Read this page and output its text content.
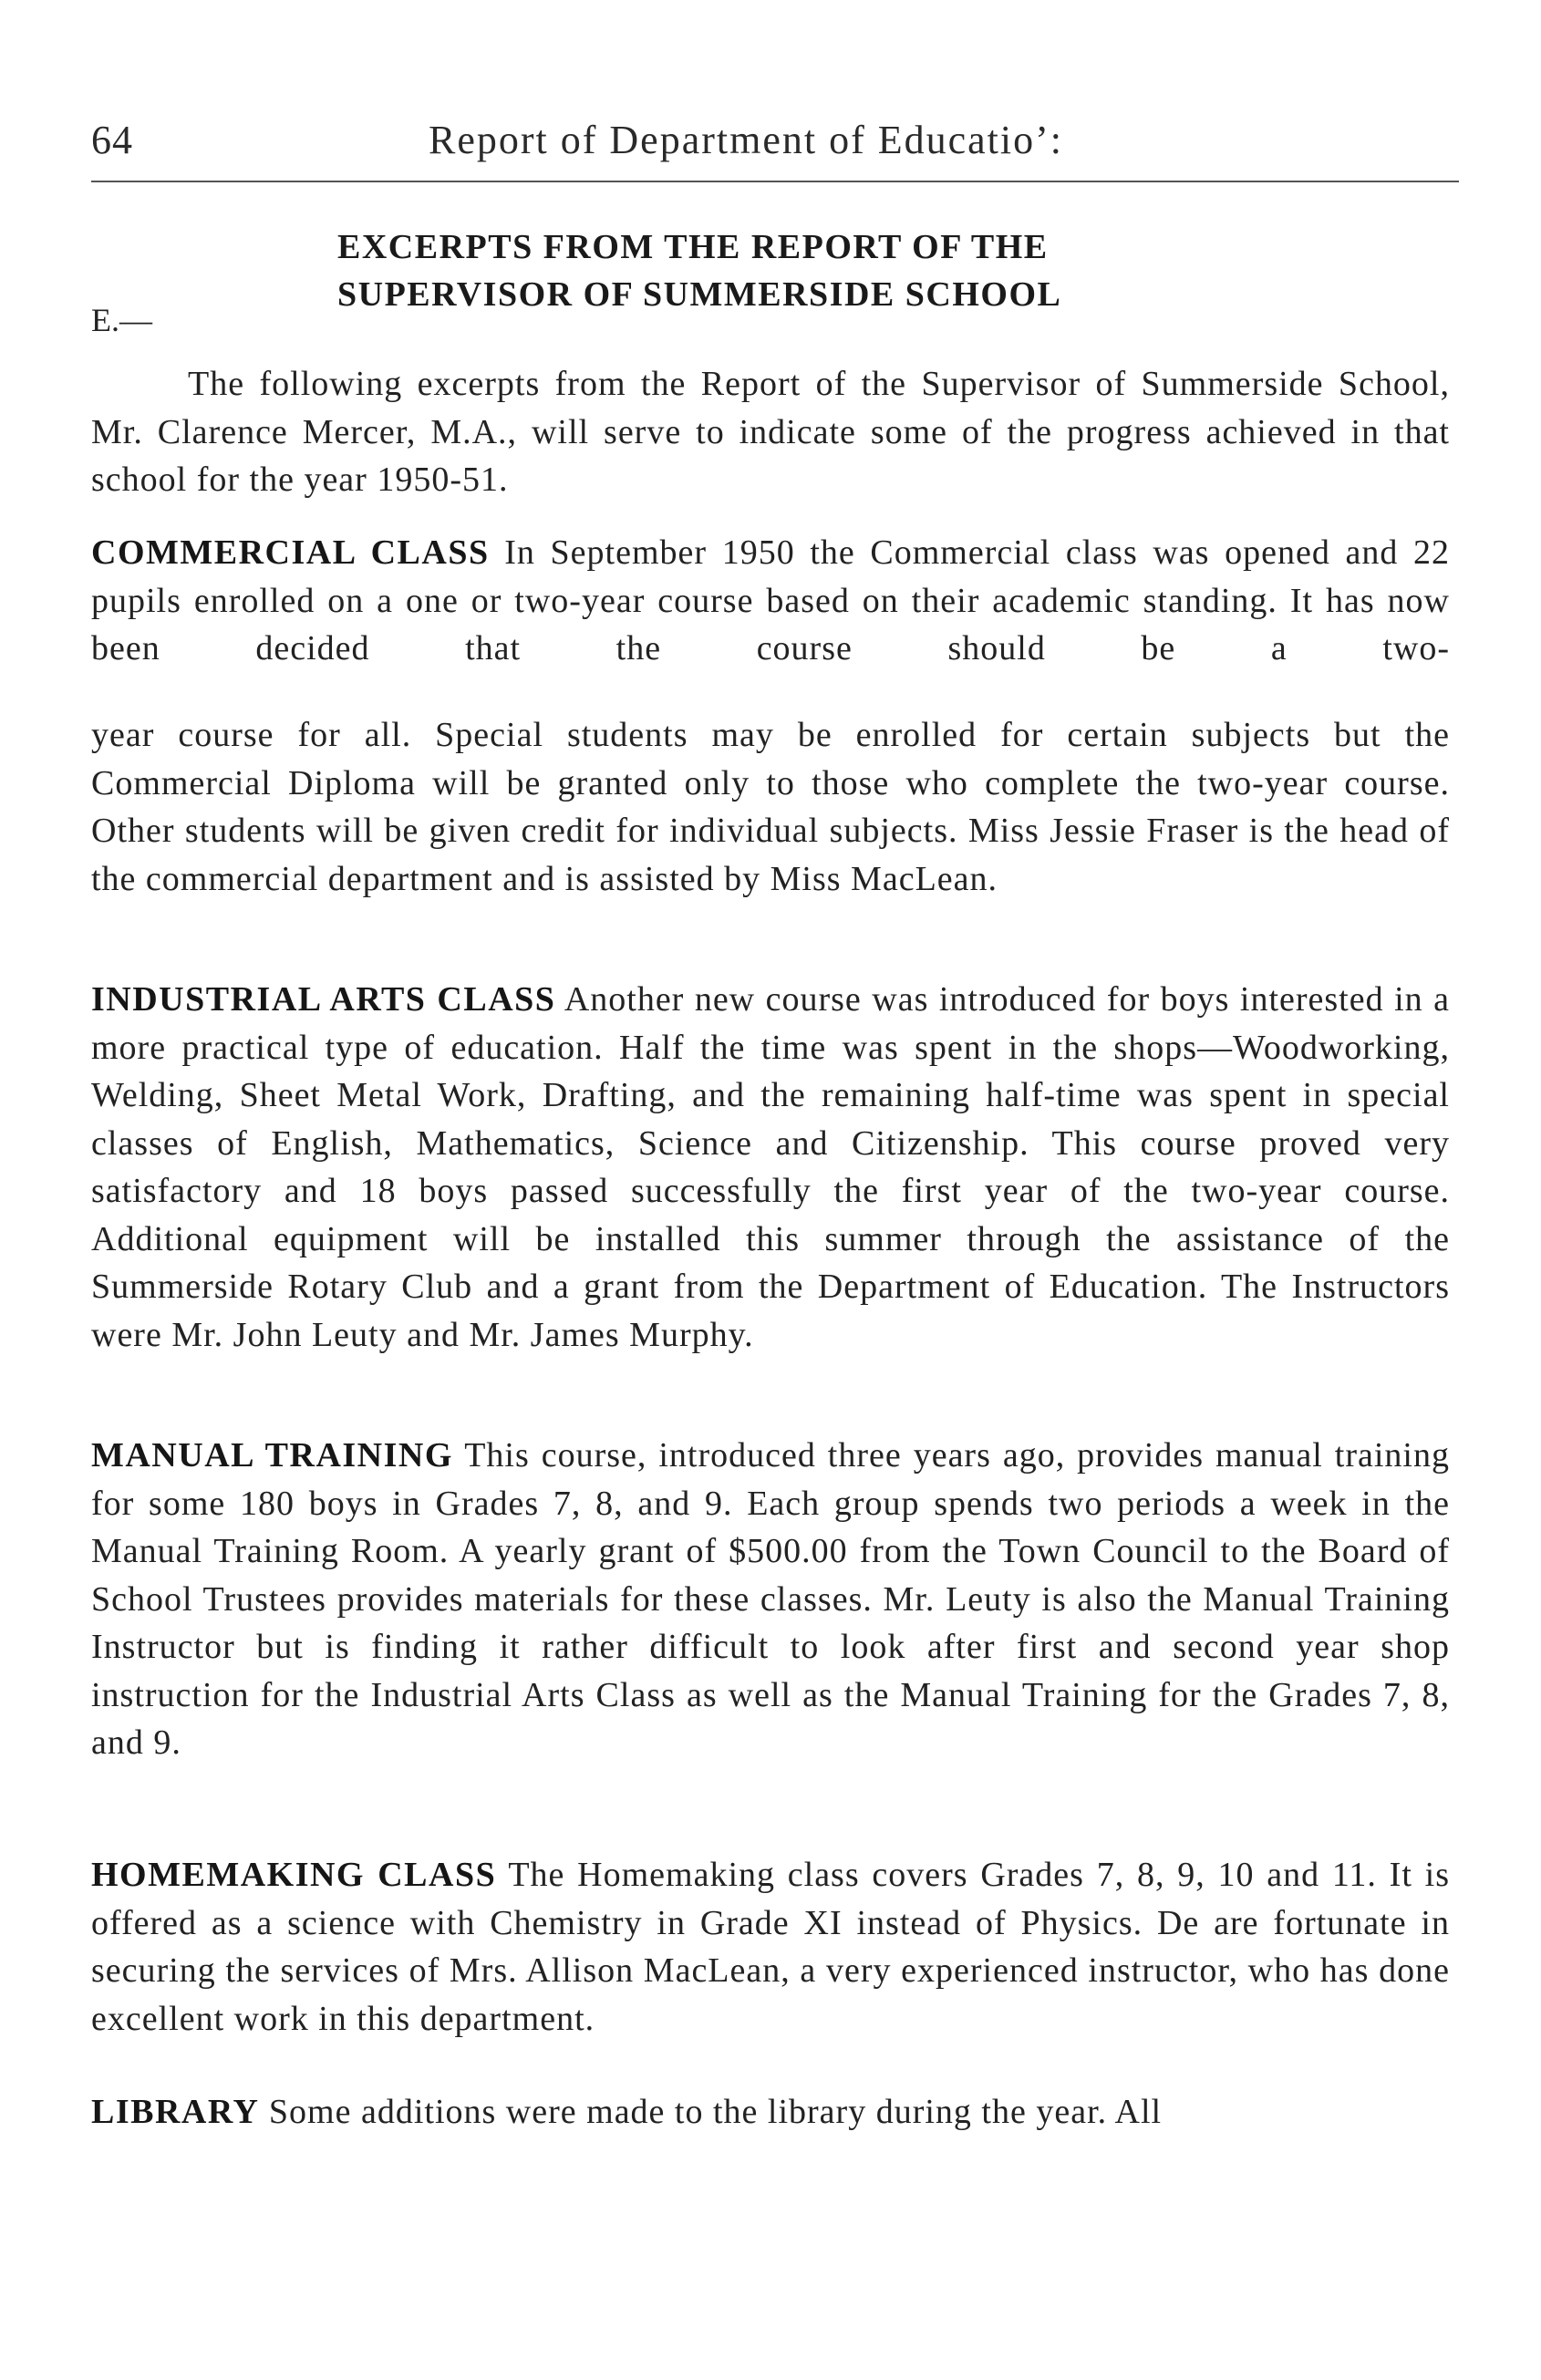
64	Report of Department of Educatio’:
EXCERPTS FROM THE REPORT OF THE
SUPERVISOR OF SUMMERSIDE SCHOOL
E.—

The following excerpts from the Report of the Supervisor of Summerside School, Mr. Clarence Mercer, M.A., will serve to indicate some of the progress achieved in that school for the year 1950-51.

COMMERCIAL CLASS In September 1950 the Commercial class was opened and 22 pupils enrolled on a one or two-year course based on their academic standing. It has now been decided that the course should be a two-

year course for all. Special students may be enrolled for certain subjects but the Commercial Diploma will be granted only to those who complete the two-year course. Other students will be given credit for individual subjects. Miss Jessie Fraser is the head of the commercial department and is assisted by Miss MacLean.

INDUSTRIAL ARTS CLASS Another new course was introduced for boys interested in a more practical type of education. Half the time was spent in the shops—Woodworking, Welding, Sheet Metal Work, Drafting, and the remaining half-time was spent in special classes of English, Mathematics, Science and Citizenship. This course proved very satisfactory and 18 boys passed successfully the first year of the two-year course. Additional equipment will be installed this summer through the assistance of the Summerside Rotary Club and a grant from the Department of Education. The Instructors were Mr. John Leuty and Mr. James Murphy.

MANUAL TRAINING This course, introduced three years ago, provides manual training for some 180 boys in Grades 7, 8, and 9. Each group spends two periods a week in the Manual Training Room. A yearly grant of $500.00 from the Town Council to the Board of School Trustees provides materials for these classes. Mr. Leuty is also the Manual Training Instructor but is finding it rather difficult to look after first and second year shop instruction for the Industrial Arts Class as well as the Manual Training for the Grades 7, 8, and 9.

HOMEMAKING CLASS The Homemaking class covers Grades 7, 8, 9, 10 and 11. It is offered as a science with Chemistry in Grade XI instead of Physics. De are fortunate in securing the services of Mrs. Allison MacLean, a very experienced instructor, who has done excellent work in this department.

LIBRARY Some additions were made to the library during the year. All
